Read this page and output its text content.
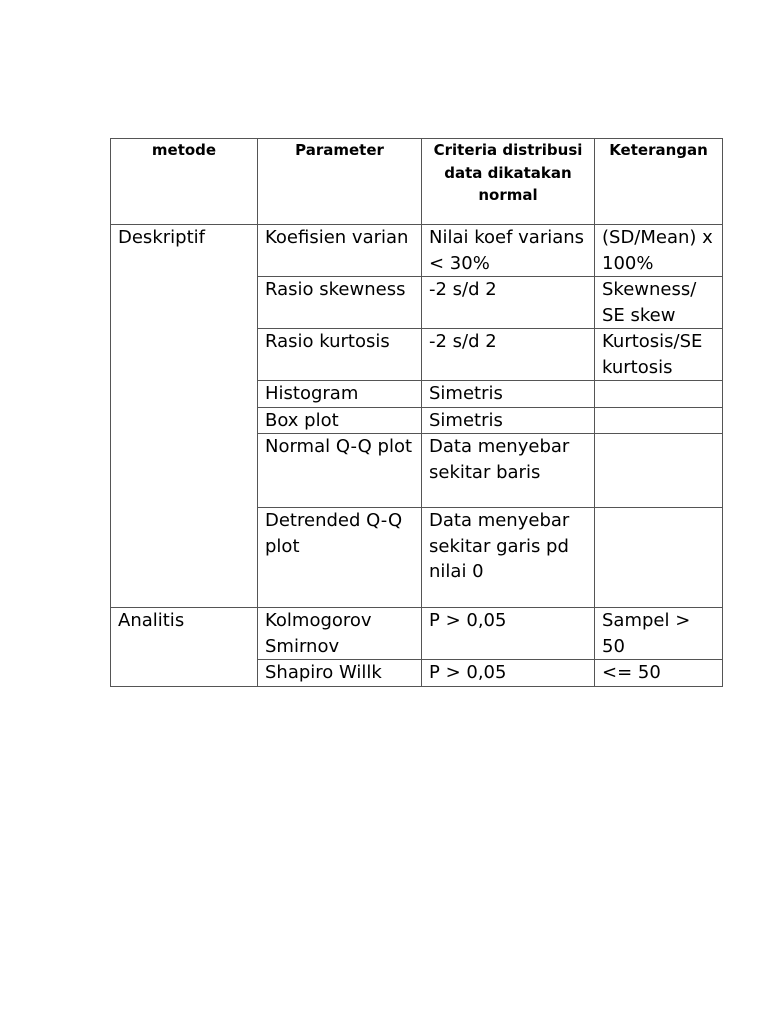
metode	Parameter	Criteria distribusi data dikatakan normal	Keterangan
Deskriptif	Koefisien varian	Nilai koef varians < 30%	(SD/Mean) x 100%
	Rasio skewness	-2 s/d 2	Skewness/ SE skew
	Rasio kurtosis	-2 s/d 2	Kurtosis/SE kurtosis
	Histogram	Simetris	
	Box plot	Simetris	
	Normal Q-Q plot	Data menyebar sekitar baris	
	Detrended Q-Q plot	Data menyebar sekitar garis pd nilai 0	
Analitis	Kolmogorov Smirnov	P > 0,05	Sampel > 50
	Shapiro Willk	P > 0,05	<= 50
